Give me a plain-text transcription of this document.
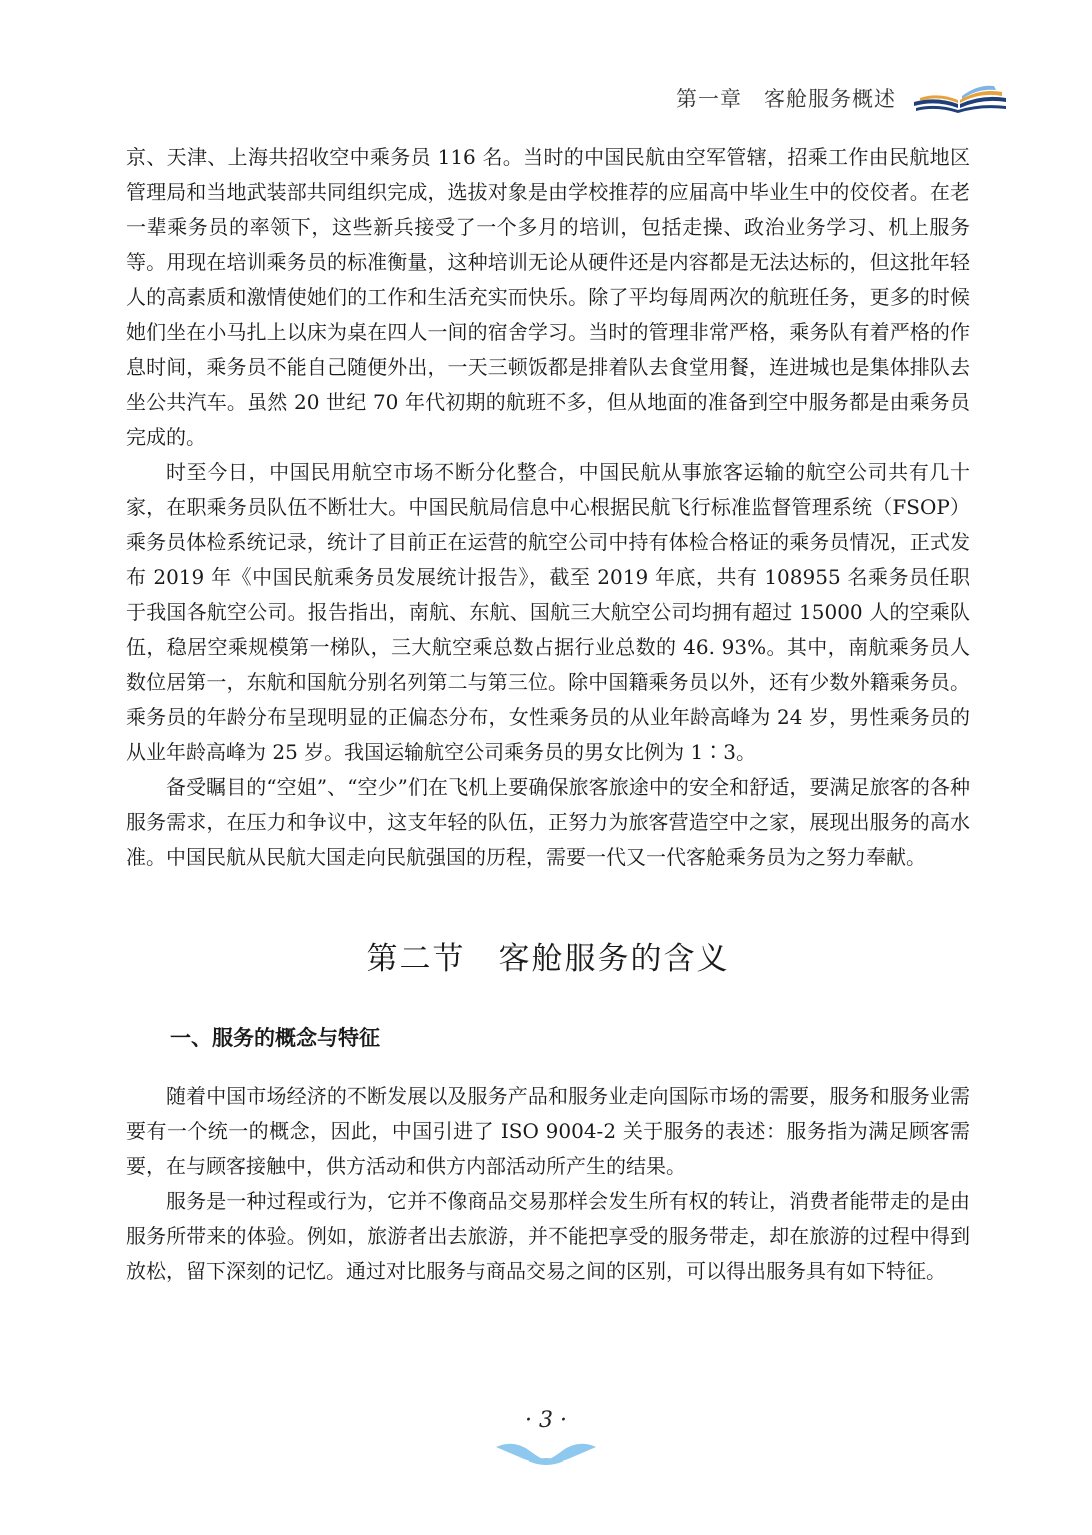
第一章　客舱服务概述

京、天津、上海共招收空中乘务员 116 名。当时的中国民航由空军管辖，招乘工作由民航地区管理局和当地武装部共同组织完成，选拔对象是由学校推荐的应届高中毕业生中的佼佼者。在老一辈乘务员的率领下，这些新兵接受了一个多月的培训，包括走操、政治业务学习、机上服务等。用现在培训乘务员的标准衡量，这种培训无论从硬件还是内容都是无法达标的，但这批年轻人的高素质和激情使她们的工作和生活充实而快乐。除了平均每周两次的航班任务，更多的时候她们坐在小马扎上以床为桌在四人一间的宿舍学习。当时的管理非常严格，乘务队有着严格的作息时间，乘务员不能自己随便外出，一天三顿饭都是排着队去食堂用餐，连进城也是集体排队去坐公共汽车。虽然 20 世纪 70 年代初期的航班不多，但从地面的准备到空中服务都是由乘务员完成的。

时至今日，中国民用航空市场不断分化整合，中国民航从事旅客运输的航空公司共有几十家，在职乘务员队伍不断壮大。中国民航局信息中心根据民航飞行标准监督管理系统（FSOP）乘务员体检系统记录，统计了目前正在运营的航空公司中持有体检合格证的乘务员情况，正式发布 2019 年《中国民航乘务员发展统计报告》，截至 2019 年底，共有 108955 名乘务员任职于我国各航空公司。报告指出，南航、东航、国航三大航空公司均拥有超过 15000 人的空乘队伍，稳居空乘规模第一梯队，三大航空乘总数占据行业总数的 46. 93%。其中，南航乘务员人数位居第一，东航和国航分别名列第二与第三位。除中国籍乘务员以外，还有少数外籍乘务员。乘务员的年龄分布呈现明显的正偏态分布，女性乘务员的从业年龄高峰为 24 岁，男性乘务员的从业年龄高峰为 25 岁。我国运输航空公司乘务员的男女比例为 1∶3。

备受瞩目的“空姐”、“空少”们在飞机上要确保旅客旅途中的安全和舒适，要满足旅客的各种服务需求，在压力和争议中，这支年轻的队伍，正努力为旅客营造空中之家，展现出服务的高水准。中国民航从民航大国走向民航强国的历程，需要一代又一代客舱乘务员为之努力奉献。

第二节　客舱服务的含义
一、服务的概念与特征

随着中国市场经济的不断发展以及服务产品和服务业走向国际市场的需要，服务和服务业需要有一个统一的概念，因此，中国引进了 ISO 9004-2 关于服务的表述：服务指为满足顾客需要，在与顾客接触中，供方活动和供方内部活动所产生的结果。

服务是一种过程或行为，它并不像商品交易那样会发生所有权的转让，消费者能带走的是由服务所带来的体验。例如，旅游者出去旅游，并不能把享受的服务带走，却在旅游的过程中得到放松，留下深刻的记忆。通过对比服务与商品交易之间的区别，可以得出服务具有如下特征。

· 3 ·
